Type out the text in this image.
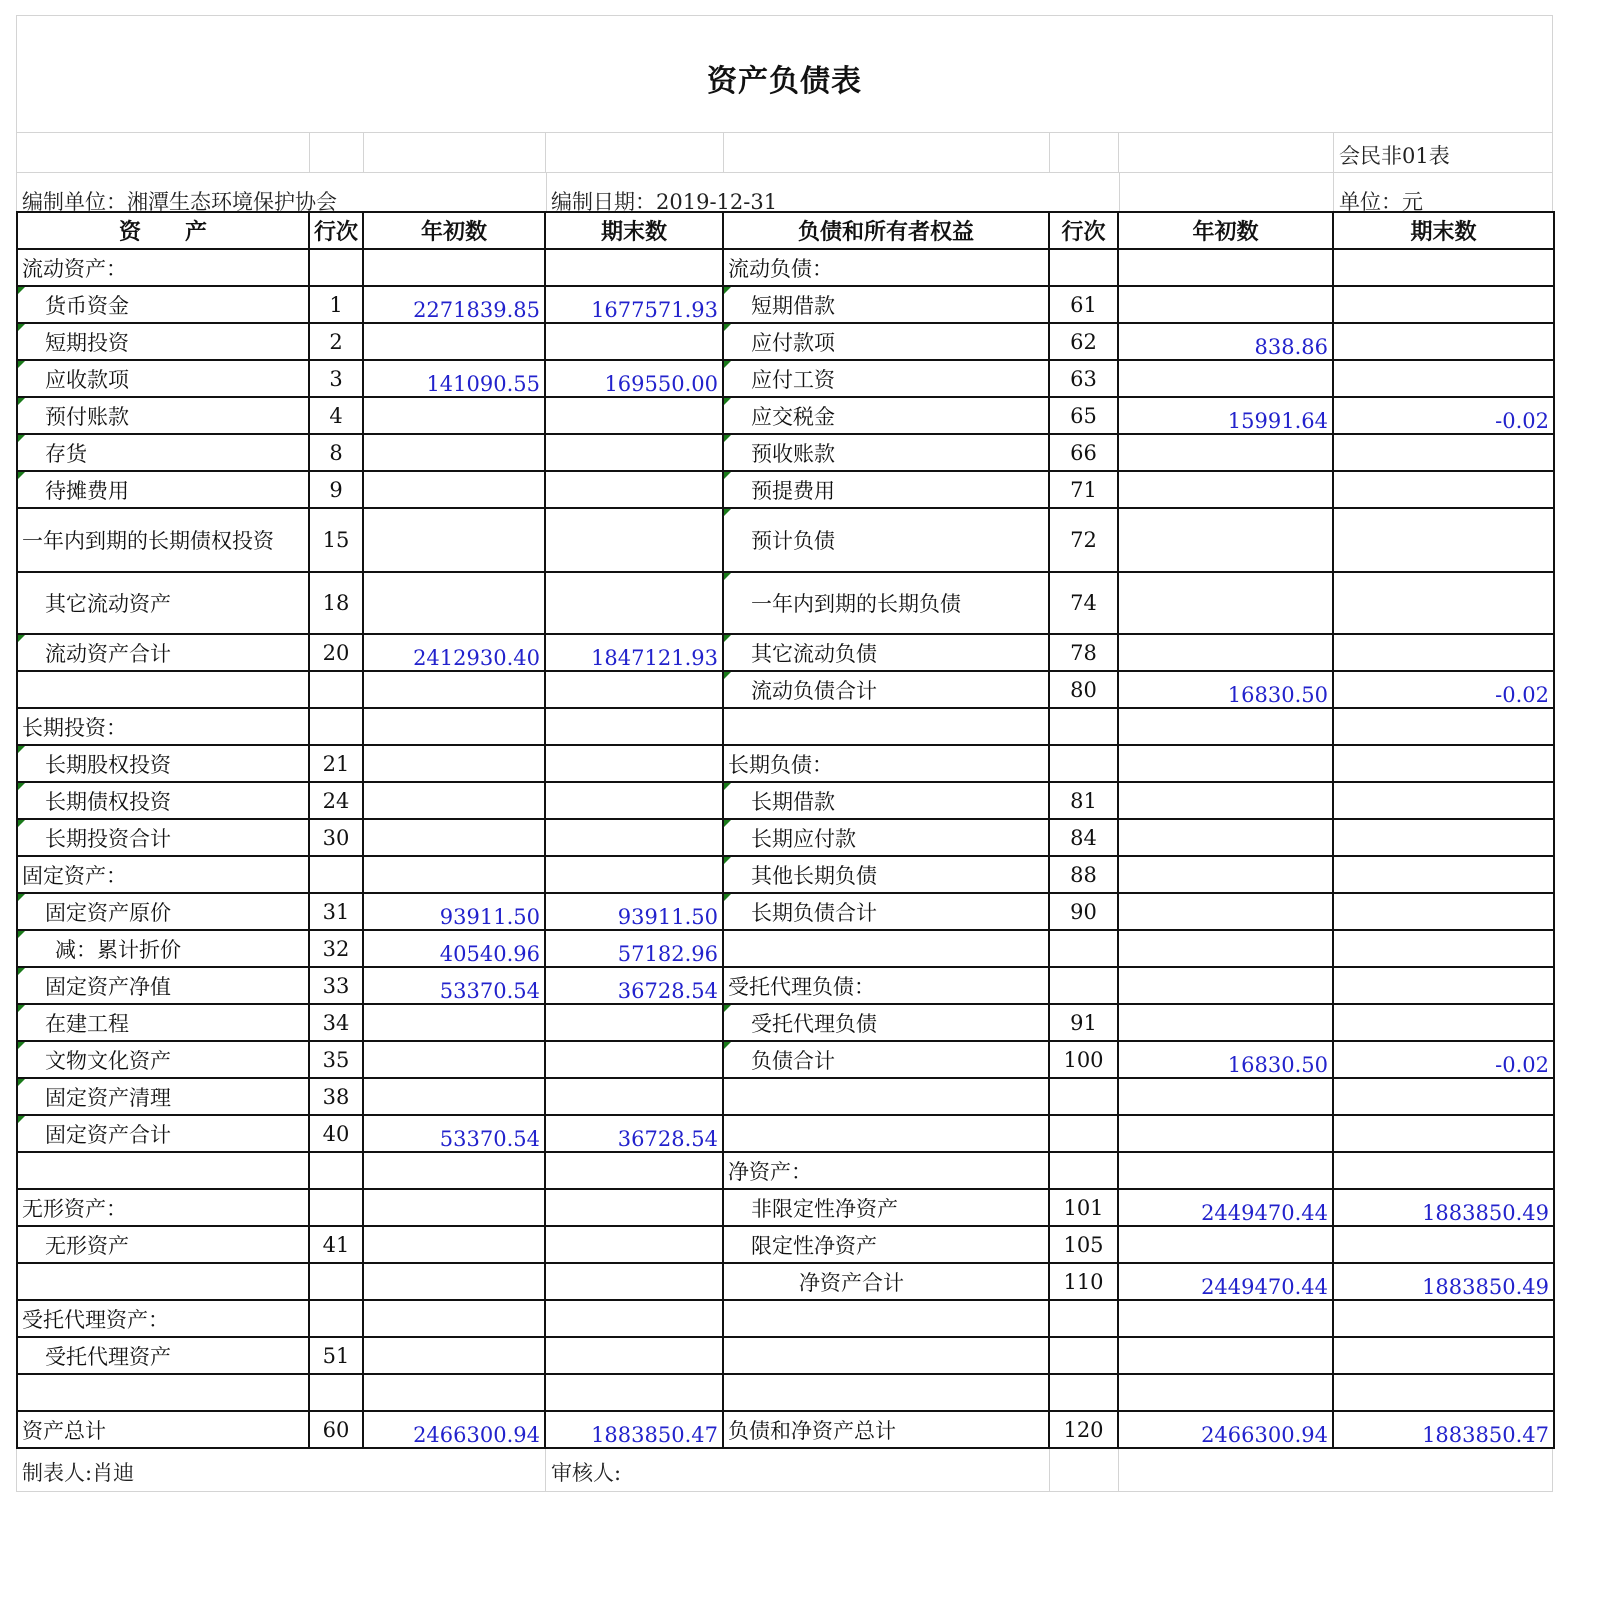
资产负债表
会民非01表
编制单位：湘潭生态环境保护协会	编制日期：2019-12-31	单位：元
资　　产	行次	年初数	期末数	负债和所有者权益	行次	年初数	期末数
流动资产：				流动负债：			
货币资金	1	2271839.85	1677571.93	短期借款	61		
短期投资	2			应付款项	62	838.86	
应收款项	3	141090.55	169550.00	应付工资	63		
预付账款	4			应交税金	65	15991.64	-0.02
存货	8			预收账款	66		
待摊费用	9			预提费用	71		
一年内到期的长期债权投资	15			预计负债	72		
其它流动资产	18			一年内到期的长期负债	74		
流动资产合计	20	2412930.40	1847121.93	其它流动负债	78		
				流动负债合计	80	16830.50	-0.02
长期投资：							
长期股权投资	21			长期负债：			
长期债权投资	24			长期借款	81		
长期投资合计	30			长期应付款	84		
固定资产：				其他长期负债	88		
固定资产原价	31	93911.50	93911.50	长期负债合计	90		
减：累计折价	32	40540.96	57182.96				
固定资产净值	33	53370.54	36728.54	受托代理负债：			
在建工程	34			受托代理负债	91		
文物文化资产	35			负债合计	100	16830.50	-0.02
固定资产清理	38						
固定资产合计	40	53370.54	36728.54				
				净资产：			
无形资产：				非限定性净资产	101	2449470.44	1883850.49
无形资产	41			限定性净资产	105		
				净资产合计	110	2449470.44	1883850.49
受托代理资产：							
受托代理资产	51						

资产总计	60	2466300.94	1883850.47	负债和净资产总计	120	2466300.94	1883850.47
制表人:肖迪	审核人:
